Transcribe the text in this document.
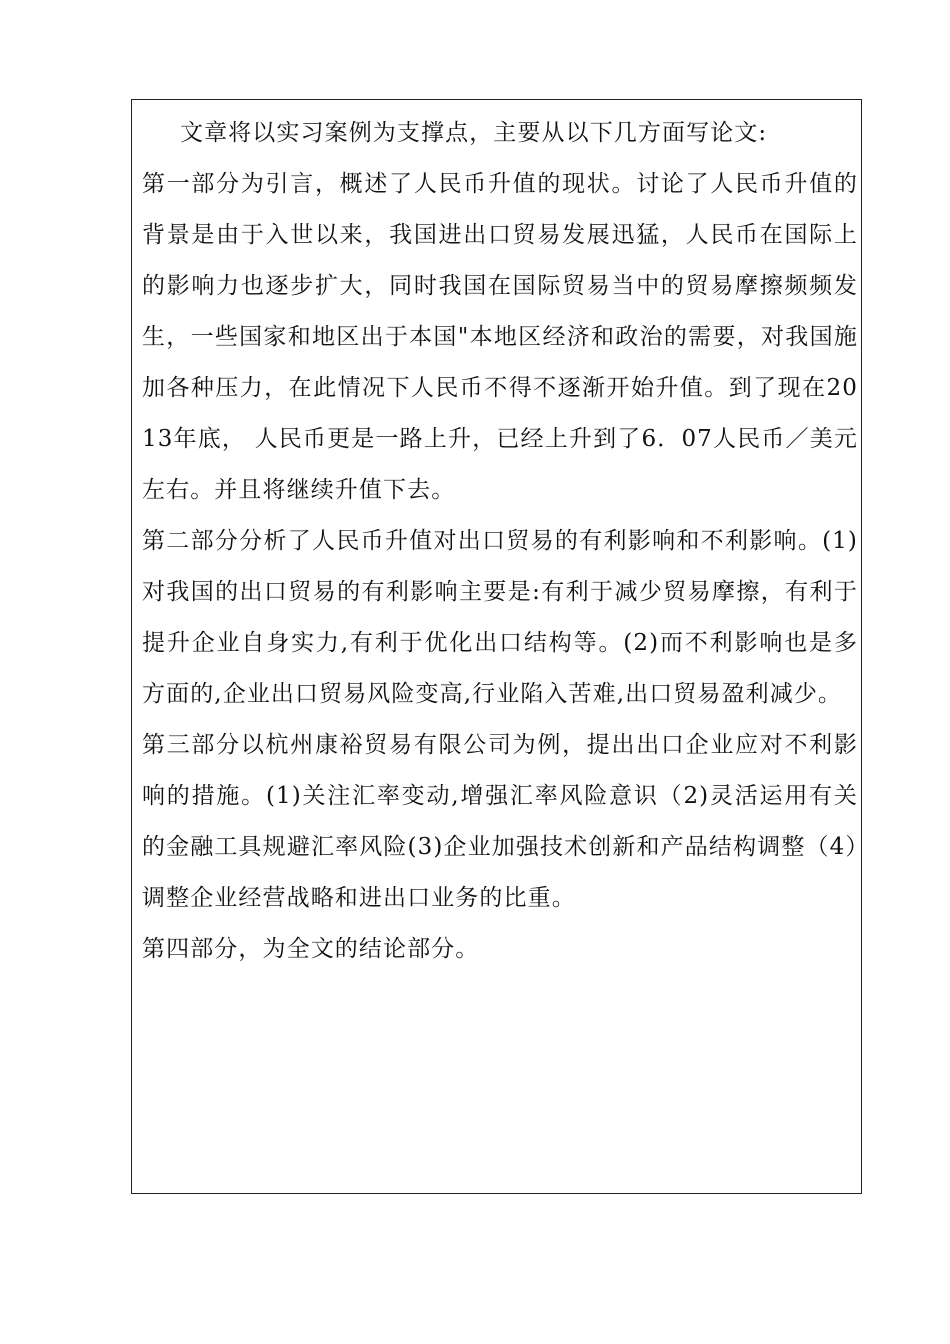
文章将以实习案例为支撑点，主要从以下几方面写论文:

第一部分为引言，概述了人民币升值的现状。讨论了人民币升值的背景是由于入世以来，我国进出口贸易发展迅猛，人民币在国际上的影响力也逐步扩大，同时我国在国际贸易当中的贸易摩擦频频发生，一些国家和地区出于本国"本地区经济和政治的需要，对我国施加各种压力，在此情况下人民币不得不逐渐开始升值。到了现在2013年底， 人民币更是一路上升，已经上升到了6．07人民币／美元左右。并且将继续升值下去。

第二部分分析了人民币升值对出口贸易的有利影响和不利影响。(1)对我国的出口贸易的有利影响主要是:有利于减少贸易摩擦，有利于提升企业自身实力,有利于优化出口结构等。(2)而不利影响也是多方面的,企业出口贸易风险变高,行业陷入苦难,出口贸易盈利减少。

第三部分以杭州康裕贸易有限公司为例，提出出口企业应对不利影响的措施。(1)关注汇率变动,增强汇率风险意识（2)灵活运用有关的金融工具规避汇率风险(3)企业加强技术创新和产品结构调整（4）调整企业经营战略和进出口业务的比重。

第四部分，为全文的结论部分。
